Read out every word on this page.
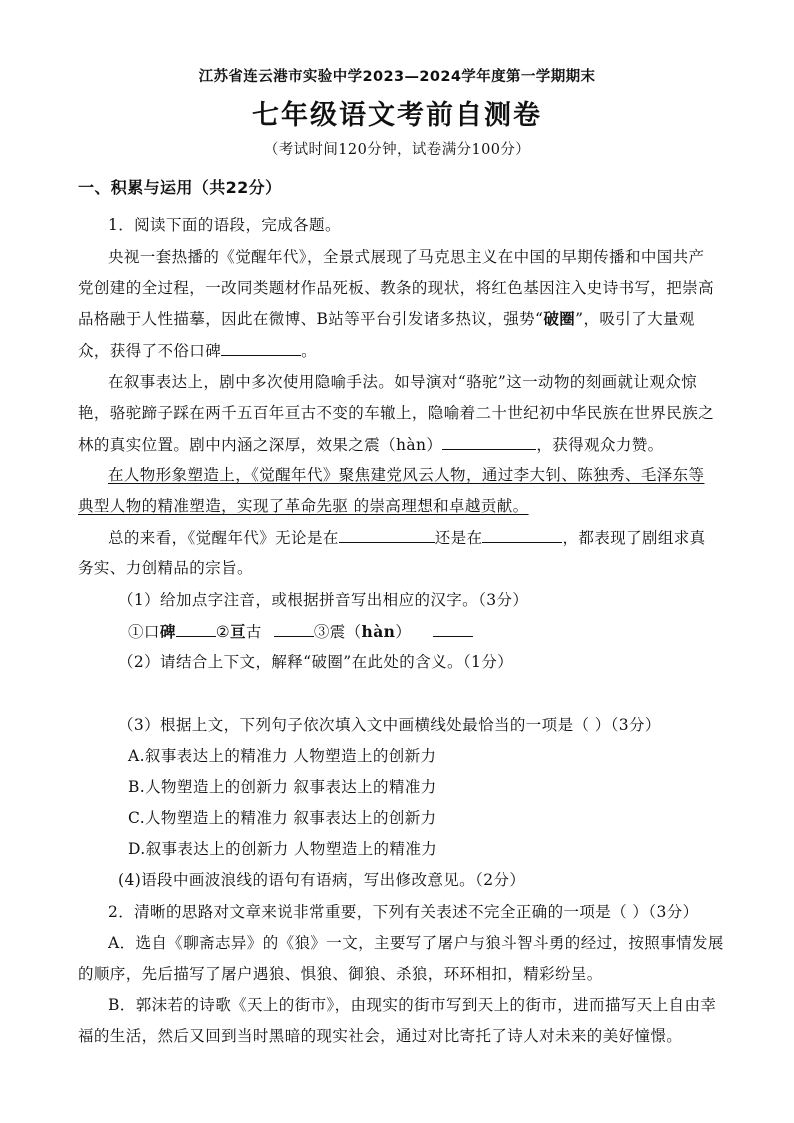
江苏省连云港市实验中学2023—2024学年度第一学期期末
七年级语文考前自测卷
（考试时间120分钟，试卷满分100分）
一、积累与运用（共22分）
1．阅读下面的语段，完成各题。
央视一套热播的《觉醒年代》，全景式展现了马克思主义在中国的早期传播和中国共产
党创建的全过程，一改同类题材作品死板、教条的现状，将红色基因注入史诗书写，把崇高
品格融于人性描摹，因此在微博、B站等平台引发诸多热议，强势“破圈”，吸引了大量观
众，获得了不俗口碑	。
在叙事表达上，剧中多次使用隐喻手法。如导演对“骆驼”这一动物的刻画就让观众惊
艳，骆驼蹄子踩在两千五百年亘古不变的车辙上，隐喻着二十世纪初中华民族在世界民族之
林的真实位置。剧中内涵之深厚，效果之震（hàn）	，获得观众力赞。
在人物形象塑造上，《觉醒年代》聚焦建党风云人物，通过李大钊、陈独秀、毛泽东等
典型人物的精准塑造，实现了革命先驱 的崇高理想和卓越贡献。
总的来看，《觉醒年代》无论是在	还是在	，都表现了剧组求真
务实、力创精品的宗旨。
（1）给加点字注音，或根据拼音写出相应的汉字。（3分）
①口碑	②亘古	③震（hàn）
（2）请结合上下文，解释“破圈”在此处的含义。（1分）
（3）根据上文，下列句子依次填入文中画横线处最恰当的一项是（ ）（3分）
A.叙事表达上的精准力 人物塑造上的创新力
B.人物塑造上的创新力 叙事表达上的精准力
C.人物塑造上的精准力 叙事表达上的创新力
D.叙事表达上的创新力 人物塑造上的精准力
(4)语段中画波浪线的语句有语病，写出修改意见。（2分）
2．清晰的思路对文章来说非常重要，下列有关表述不完全正确的一项是（ ）（3分）
A．选自《聊斋志异》的《狼》一文，主要写了屠户与狼斗智斗勇的经过，按照事情发展
的顺序，先后描写了屠户遇狼、惧狼、御狼、杀狼，环环相扣，精彩纷呈。
B．郭沫若的诗歌《天上的街市》，由现实的街市写到天上的街市，进而描写天上自由幸
福的生活，然后又回到当时黑暗的现实社会，通过对比寄托了诗人对未来的美好憧憬。
